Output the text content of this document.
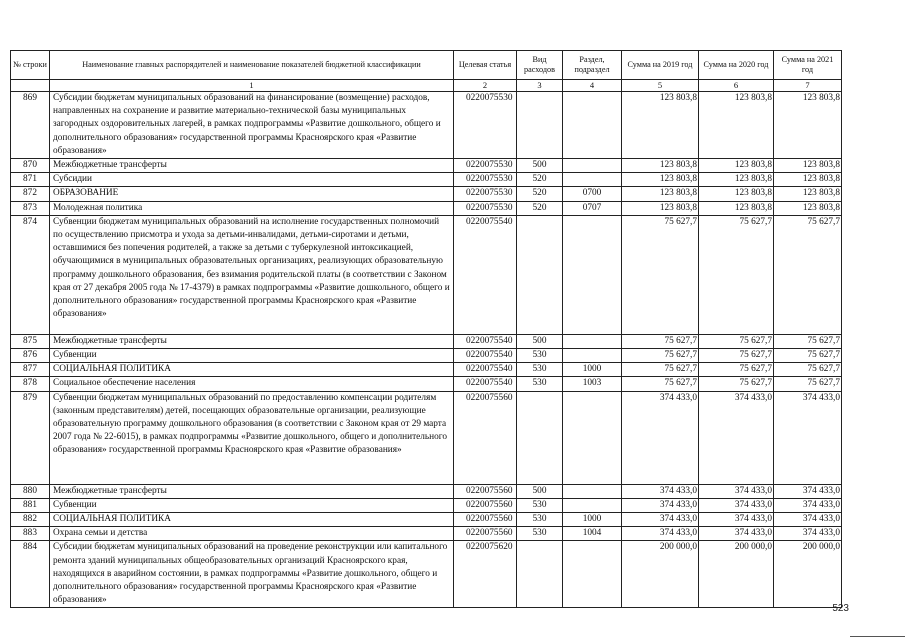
№ строки	Наименование главных распорядителей и наименование показателей бюджетной классификации	Целевая статья	Вид расходов	Раздел, подраздел	Сумма на 2019 год	Сумма на 2020 год	Сумма на 2021 год
	1	2	3	4	5	6	7
869	Субсидии бюджетам муниципальных образований на финансирование (возмещение) расходов, направленных на сохранение и развитие материально-технической базы муниципальных загородных оздоровительных лагерей, в рамках подпрограммы «Развитие дошкольного, общего и дополнительного образования» государственной программы Красноярского края «Развитие образования»	0220075530			123 803,8	123 803,8	123 803,8
870	Межбюджетные трансферты	0220075530	500		123 803,8	123 803,8	123 803,8
871	Субсидии	0220075530	520		123 803,8	123 803,8	123 803,8
872	ОБРАЗОВАНИЕ	0220075530	520	0700	123 803,8	123 803,8	123 803,8
873	Молодежная политика	0220075530	520	0707	123 803,8	123 803,8	123 803,8
874	Субвенции бюджетам муниципальных образований на исполнение государственных полномочий по осуществлению присмотра и ухода за детьми-инвалидами, детьми-сиротами и детьми, оставшимися без попечения родителей, а также за детьми с туберкулезной интоксикацией, обучающимися в муниципальных образовательных организациях, реализующих образовательную программу дошкольного образования, без взимания родительской платы (в соответствии с Законом края от 27 декабря 2005 года № 17-4379) в рамках подпрограммы «Развитие дошкольного, общего и дополнительного образования» государственной программы Красноярского края «Развитие образования»	0220075540			75 627,7	75 627,7	75 627,7
875	Межбюджетные трансферты	0220075540	500		75 627,7	75 627,7	75 627,7
876	Субвенции	0220075540	530		75 627,7	75 627,7	75 627,7
877	СОЦИАЛЬНАЯ ПОЛИТИКА	0220075540	530	1000	75 627,7	75 627,7	75 627,7
878	Социальное обеспечение населения	0220075540	530	1003	75 627,7	75 627,7	75 627,7
879	Субвенции бюджетам муниципальных образований по предоставлению компенсации родителям (законным представителям) детей, посещающих образовательные организации, реализующие образовательную программу дошкольного образования (в соответствии с Законом края от 29 марта 2007 года № 22-6015), в рамках подпрограммы «Развитие дошкольного, общего и дополнительного образования» государственной программы Красноярского края «Развитие образования»	0220075560			374 433,0	374 433,0	374 433,0
880	Межбюджетные трансферты	0220075560	500		374 433,0	374 433,0	374 433,0
881	Субвенции	0220075560	530		374 433,0	374 433,0	374 433,0
882	СОЦИАЛЬНАЯ ПОЛИТИКА	0220075560	530	1000	374 433,0	374 433,0	374 433,0
883	Охрана семьи и детства	0220075560	530	1004	374 433,0	374 433,0	374 433,0
884	Субсидии бюджетам муниципальных образований на проведение реконструкции или капитального ремонта зданий муниципальных общеобразовательных организаций Красноярского края, находящихся в аварийном состоянии, в рамках подпрограммы «Развитие дошкольного, общего и дополнительного образования» государственной программы Красноярского края «Развитие образования»	0220075620			200 000,0	200 000,0	200 000,0
523
